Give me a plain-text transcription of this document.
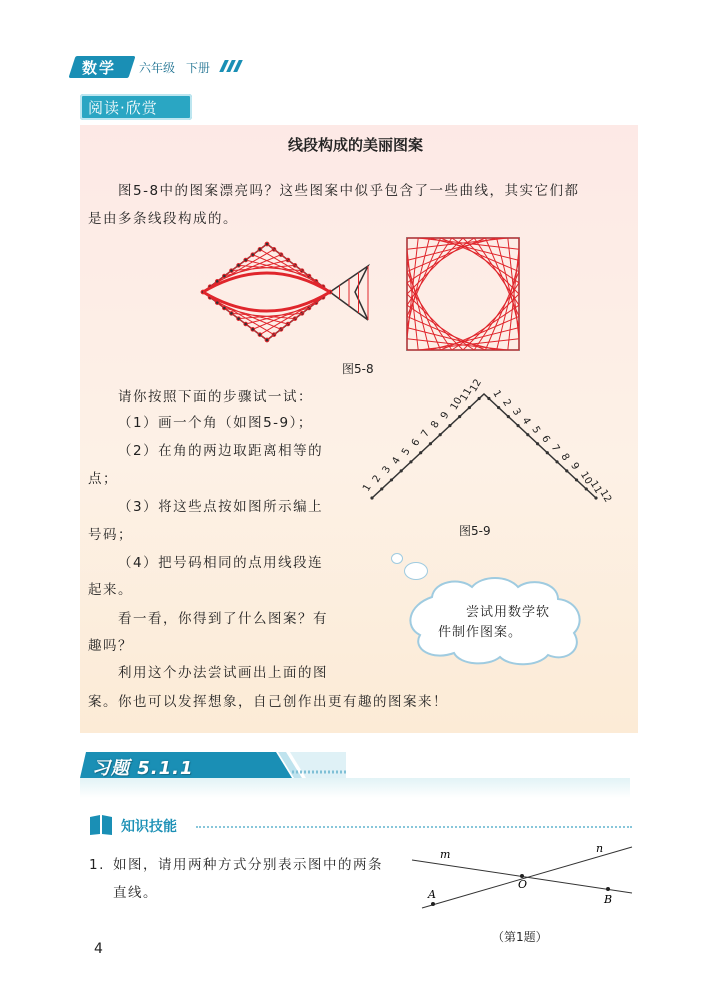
数学 六年级 下册
阅读·欣赏
线段构成的美丽图案
图5-8中的图案漂亮吗？这些图案中似乎包含了一些曲线，其实它们都
是由多条线段构成的。
图5-8
请你按照下面的步骤试一试：
（1）画一个角（如图5-9）；
（2）在角的两边取距离相等的
点；
（3）将这些点按如图所示编上
号码；
（4）把号码相同的点用线段连
起来。
看一看，你得到了什么图案？有
趣吗？
利用这个办法尝试画出上面的图
案。你也可以发挥想象，自己创作出更有趣的图案来！
1
1
2
2
3
3
4
4
5
5
6	6
7
7
8
8
9
9
10
10
11
11
12
12
图5-9
尝试用数学软
件制作图案。
习题 5.1.1
知识技能
1. 如图，请用两种方式分别表示图中的两条
直线。
m	n
O
A	B
（第1题）
4
